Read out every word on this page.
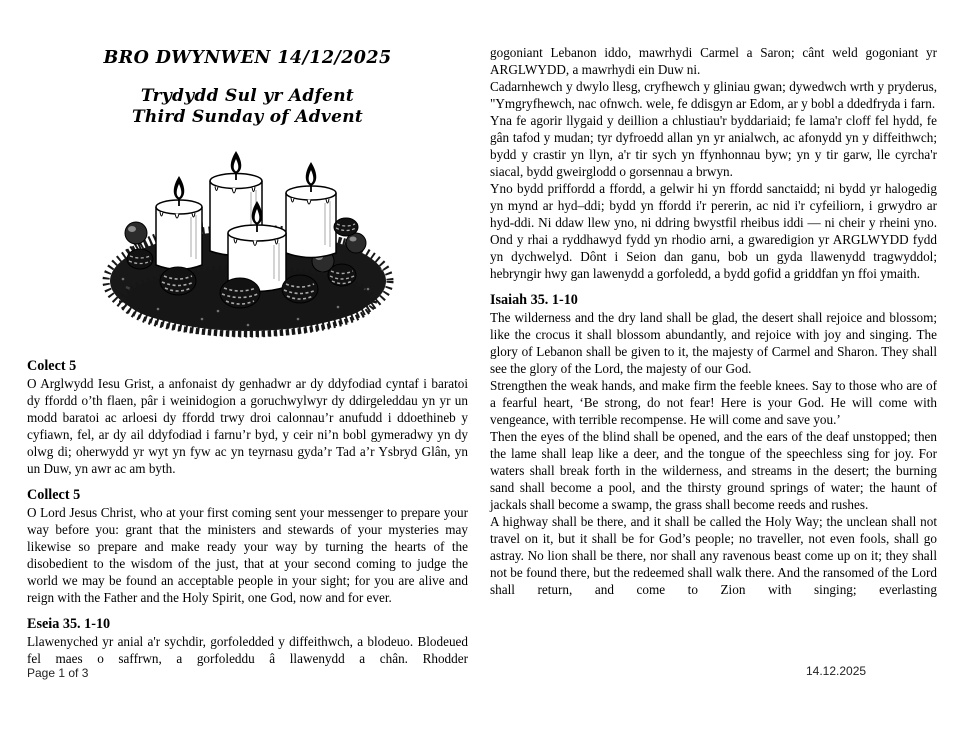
BRO DWYNWEN 14/12/2025
Trydydd Sul yr Adfent
Third Sunday of Advent
Colect 5

O Arglwydd Iesu Grist, a anfonaist dy genhadwr ar dy ddyfodiad cyntaf i baratoi dy ffordd o’th flaen, pâr i weinidogion a goruchwylwyr dy ddirgeleddau yn yr un modd baratoi ac arloesi dy ffordd trwy droi calonnau’r anufudd i ddoethineb y cyfiawn, fel, ar dy ail ddyfodiad i farnu’r byd, y ceir ni’n bobl gymeradwy yn dy olwg di; oherwydd yr wyt yn fyw ac yn teyrnasu gyda’r Tad a’r Ysbryd Glân, yn un Duw, yn awr ac am byth.

Collect 5

O Lord Jesus Christ, who at your first coming sent your messenger to prepare your way before you: grant that the ministers and stewards of your mysteries may likewise so prepare and make ready your way by turning the hearts of the disobedient to the wisdom of the just, that at your second coming to judge the world we may be found an acceptable people in your sight; for you are alive and reign with the Father and the Holy Spirit, one God, now and for ever.

Eseia 35. 1-10

Llawenyched yr anial a'r sychdir, gorfoledded y diffeithwch, a blodeuo. Blodeued fel maes o saffrwn, a gorfoleddu â llawenydd a chân. Rhodder

gogoniant Lebanon iddo, mawrhydi Carmel a Saron; cânt weld gogoniant yr ARGLWYDD, a mawrhydi ein Duw ni.

Cadarnhewch y dwylo llesg, cryfhewch y gliniau gwan; dywedwch wrth y pryderus, "Ymgryfhewch, nac ofnwch. wele, fe ddisgyn ar Edom, ar y bobl a ddedfryda i farn.

Yna fe agorir llygaid y deillion a chlustiau'r byddariaid; fe lama'r cloff fel hydd, fe gân tafod y mudan; tyr dyfroedd allan yn yr anialwch, ac afonydd yn y diffeithwch; bydd y crastir yn llyn, a'r tir sych yn ffynhonnau byw; yn y tir garw, lle cyrcha'r siacal, bydd gweirglodd o gorsennau a brwyn.

Yno bydd priffordd a ffordd, a gelwir hi yn ffordd sanctaidd; ni bydd yr halogedig yn mynd ar hyd–ddi; bydd yn ffordd i'r pererin, ac nid i'r cyfeiliorn, i grwydro ar hyd-ddi. Ni ddaw llew yno, ni ddring bwystfil rheibus iddi — ni cheir y rheini yno. Ond y rhai a ryddhawyd fydd yn rhodio arni, a gwaredigion yr ARGLWYDD fydd yn dychwelyd. Dônt i Seion dan ganu, bob un gyda llawenydd tragwyddol; hebryngir hwy gan lawenydd a gorfoledd, a bydd gofid a griddfan yn ffoi ymaith.

Isaiah 35. 1-10

The wilderness and the dry land shall be glad, the desert shall rejoice and blossom; like the crocus it shall blossom abundantly, and rejoice with joy and singing. The glory of Lebanon shall be given to it, the majesty of Carmel and Sharon. They shall see the glory of the Lord, the majesty of our God.

Strengthen the weak hands, and make firm the feeble knees. Say to those who are of a fearful heart, ‘Be strong, do not fear! Here is your God. He will come with vengeance, with terrible recompense. He will come and save you.’

Then the eyes of the blind shall be opened, and the ears of the deaf unstopped; then the lame shall leap like a deer, and the tongue of the speechless sing for joy. For waters shall break forth in the wilderness, and streams in the desert; the burning sand shall become a pool, and the thirsty ground springs of water; the haunt of jackals shall become a swamp, the grass shall become reeds and rushes.

A highway shall be there, and it shall be called the Holy Way; the unclean shall not travel on it, but it shall be for God’s people; no traveller, not even fools, shall go astray. No lion shall be there, nor shall any ravenous beast come up on it; they shall not be found there, but the redeemed shall walk there. And the ransomed of the Lord shall return, and come to Zion with singing; everlasting

Page 1 of 3	14.12.2025
